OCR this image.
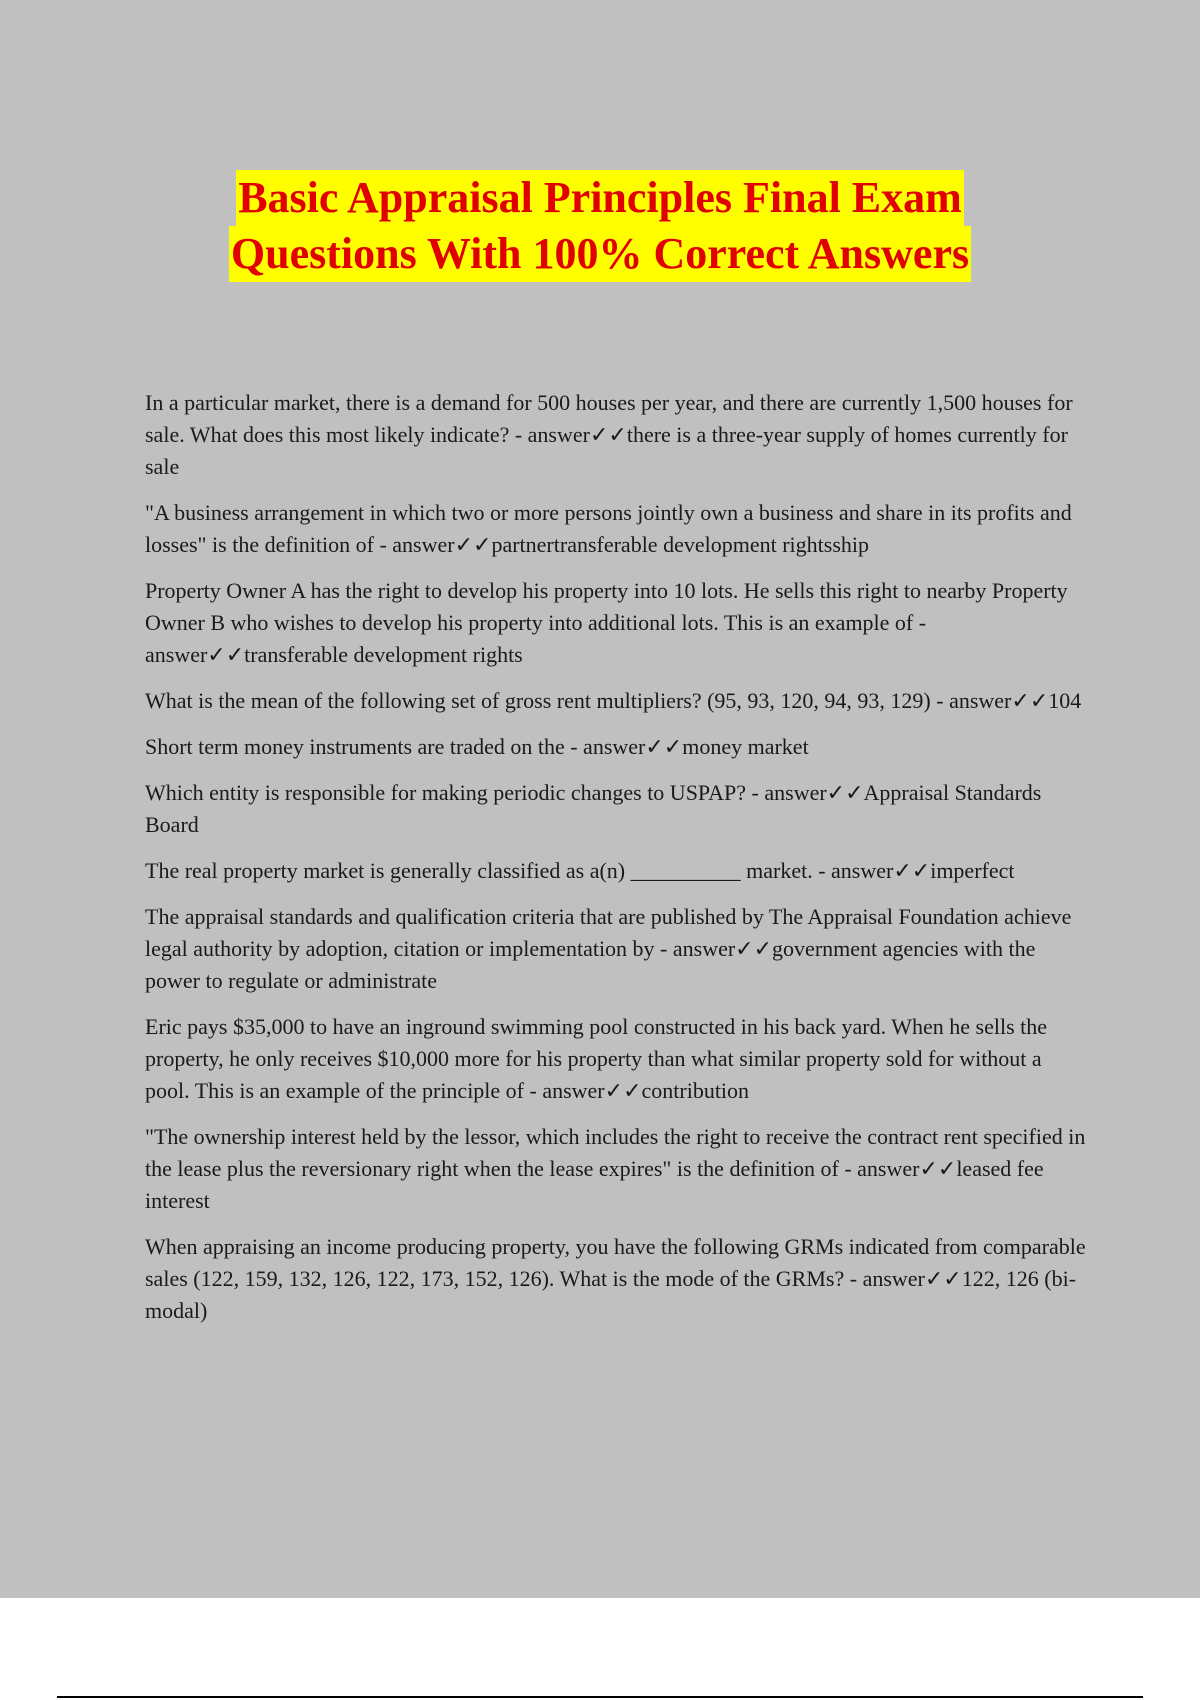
Basic Appraisal Principles Final Exam
Questions With 100% Correct Answers

In a particular market, there is a demand for 500 houses per year, and there are currently 1,500 houses for sale. What does this most likely indicate? - answer✓✓there is a three-year supply of homes currently for sale

"A business arrangement in which two or more persons jointly own a business and share in its profits and losses" is the definition of - answer✓✓partnertransferable development rightsship

Property Owner A has the right to develop his property into 10 lots. He sells this right to nearby Property Owner B who wishes to develop his property into additional lots. This is an example of - answer✓✓transferable development rights

What is the mean of the following set of gross rent multipliers? (95, 93, 120, 94, 93, 129) - answer✓✓104

Short term money instruments are traded on the - answer✓✓money market

Which entity is responsible for making periodic changes to USPAP? - answer✓✓Appraisal Standards Board

The real property market is generally classified as a(n) __________ market. - answer✓✓imperfect

The appraisal standards and qualification criteria that are published by The Appraisal Foundation achieve legal authority by adoption, citation or implementation by - answer✓✓government agencies with the power to regulate or administrate

Eric pays $35,000 to have an inground swimming pool constructed in his back yard. When he sells the property, he only receives $10,000 more for his property than what similar property sold for without a pool. This is an example of the principle of - answer✓✓contribution

"The ownership interest held by the lessor, which includes the right to receive the contract rent specified in the lease plus the reversionary right when the lease expires" is the definition of - answer✓✓leased fee interest

When appraising an income producing property, you have the following GRMs indicated from comparable sales (122, 159, 132, 126, 122, 173, 152, 126). What is the mode of the GRMs? - answer✓✓122, 126 (bi-modal)
